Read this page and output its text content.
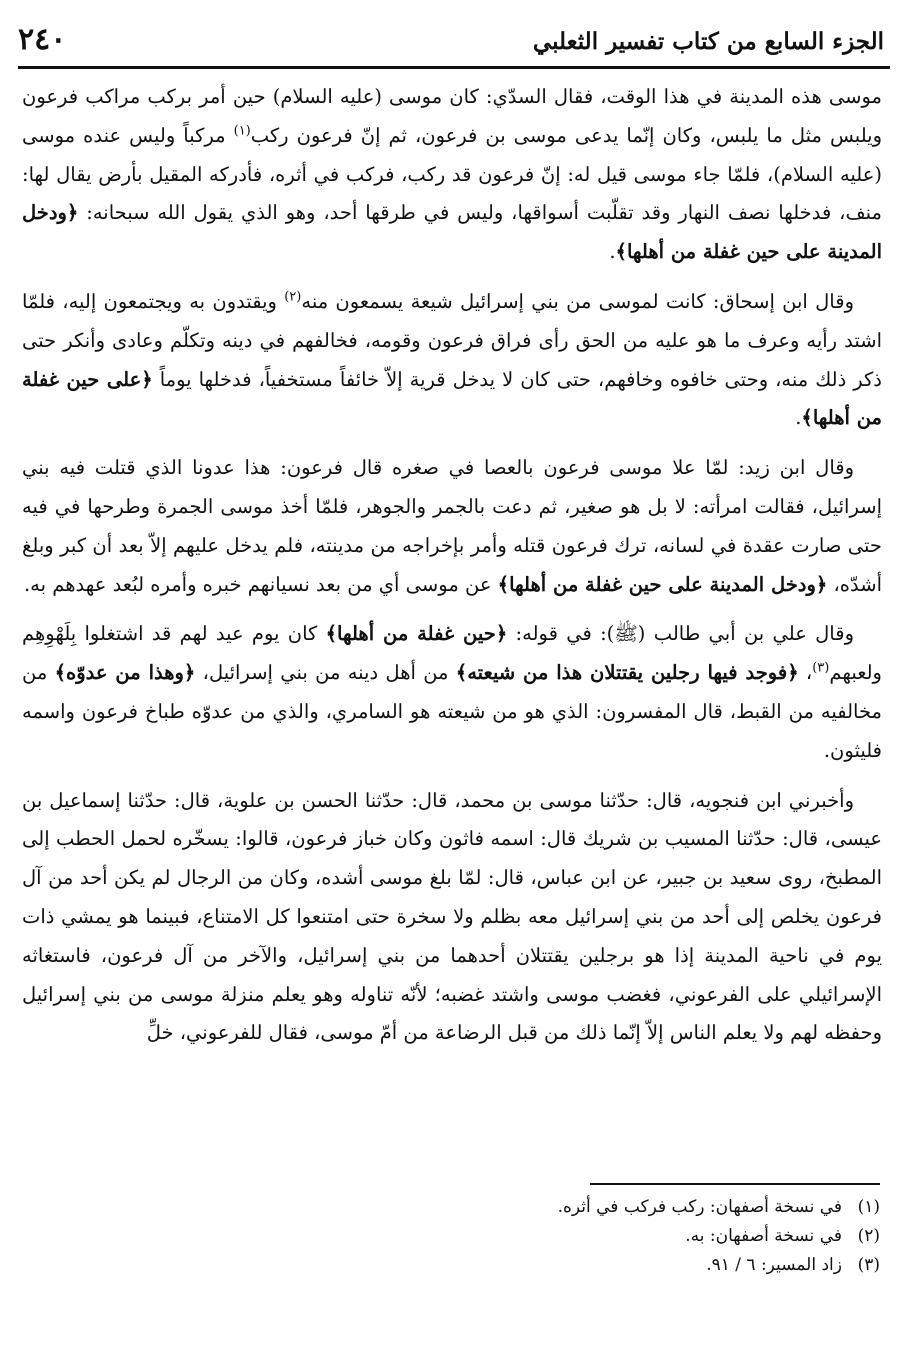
الجزء السابع من كتاب تفسير الثعلبي
٢٤٠

موسى هذه المدينة في هذا الوقت، فقال السدّي: كان موسى (عليه السلام) حين أمر بركب مراكب فرعون ويلبس مثل ما يلبس، وكان إنّما يدعى موسى بن فرعون، ثم إنّ فرعون ركب$^{(١)}$ مركباً وليس عنده موسى (عليه السلام)، فلمّا جاء موسى قيل له: إنّ فرعون قد ركب، فركب في أثره، فأدركه المقيل بأرض يقال لها: منف، فدخلها نصف النهار وقد تقلّبت أسواقها، وليس في طرقها أحد، وهو الذي يقول الله سبحانه: ﴿ودخل المدينة على حين غفلة من أهلها﴾.

وقال ابن إسحاق: كانت لموسى من بني إسرائيل شيعة يسمعون منه$^{(٢)}$ ويقتدون به ويجتمعون إليه، فلمّا اشتد رأيه وعرف ما هو عليه من الحق رأى فراق فرعون وقومه، فخالفهم في دينه وتكلّم وعادى وأنكر حتى ذكر ذلك منه، وحتى خافوه وخافهم، حتى كان لا يدخل قرية إلاّ خائفاً مستخفياً، فدخلها يوماً ﴿على حين غفلة من أهلها﴾.

وقال ابن زيد: لمّا علا موسى فرعون بالعصا في صغره قال فرعون: هذا عدونا الذي قتلت فيه بني إسرائيل، فقالت امرأته: لا بل هو صغير، ثم دعت بالجمر والجوهر، فلمّا أخذ موسى الجمرة وطرحها في فيه حتى صارت عقدة في لسانه، ترك فرعون قتله وأمر بإخراجه من مدينته، فلم يدخل عليهم إلاّ بعد أن كبر وبلغ أشدّه، ﴿ودخل المدينة على حين غفلة من أهلها﴾ عن موسى أي من بعد نسيانهم خبره وأمره لبُعد عهدهم به.

وقال علي بن أبي طالب (ﷺ): في قوله: ﴿حين غفلة من أهلها﴾ كان يوم عيد لهم قد اشتغلوا بِلَهْوِهِم ولعبهم$^{(٣)}$، ﴿فوجد فيها رجلين يقتتلان هذا من شيعته﴾ من أهل دينه من بني إسرائيل، ﴿وهذا من عدوّه﴾ من مخالفيه من القبط، قال المفسرون: الذي هو من شيعته هو السامري، والذي من عدوّه طباخ فرعون واسمه فليثون.

وأخبرني ابن فنجويه، قال: حدّثنا موسى بن محمد، قال: حدّثنا الحسن بن علوية، قال: حدّثنا إسماعيل بن عيسى، قال: حدّثنا المسيب بن شريك قال: اسمه فاثون وكان خباز فرعون، قالوا: يسخّره لحمل الحطب إلى المطبخ، روى سعيد بن جبير، عن ابن عباس، قال: لمّا بلغ موسى أشده، وكان من الرجال لم يكن أحد من آل فرعون يخلص إلى أحد من بني إسرائيل معه بظلم ولا سخرة حتى امتنعوا كل الامتناع، فبينما هو يمشي ذات يوم في ناحية المدينة إذا هو برجلين يقتتلان أحدهما من بني إسرائيل، والآخر من آل فرعون، فاستغاثه الإسرائيلي على الفرعوني، فغضب موسى واشتد غضبه؛ لأنّه تناوله وهو يعلم منزلة موسى من بني إسرائيل وحفظه لهم ولا يعلم الناس إلاّ إنّما ذلك من قبل الرضاعة من أمّ موسى، فقال للفرعوني، خلِّ

(١)في نسخة أصفهان: ركب فركب في أثره.

(٢)في نسخة أصفهان: به.

(٣)زاد المسير: ٦ / ٩١.
